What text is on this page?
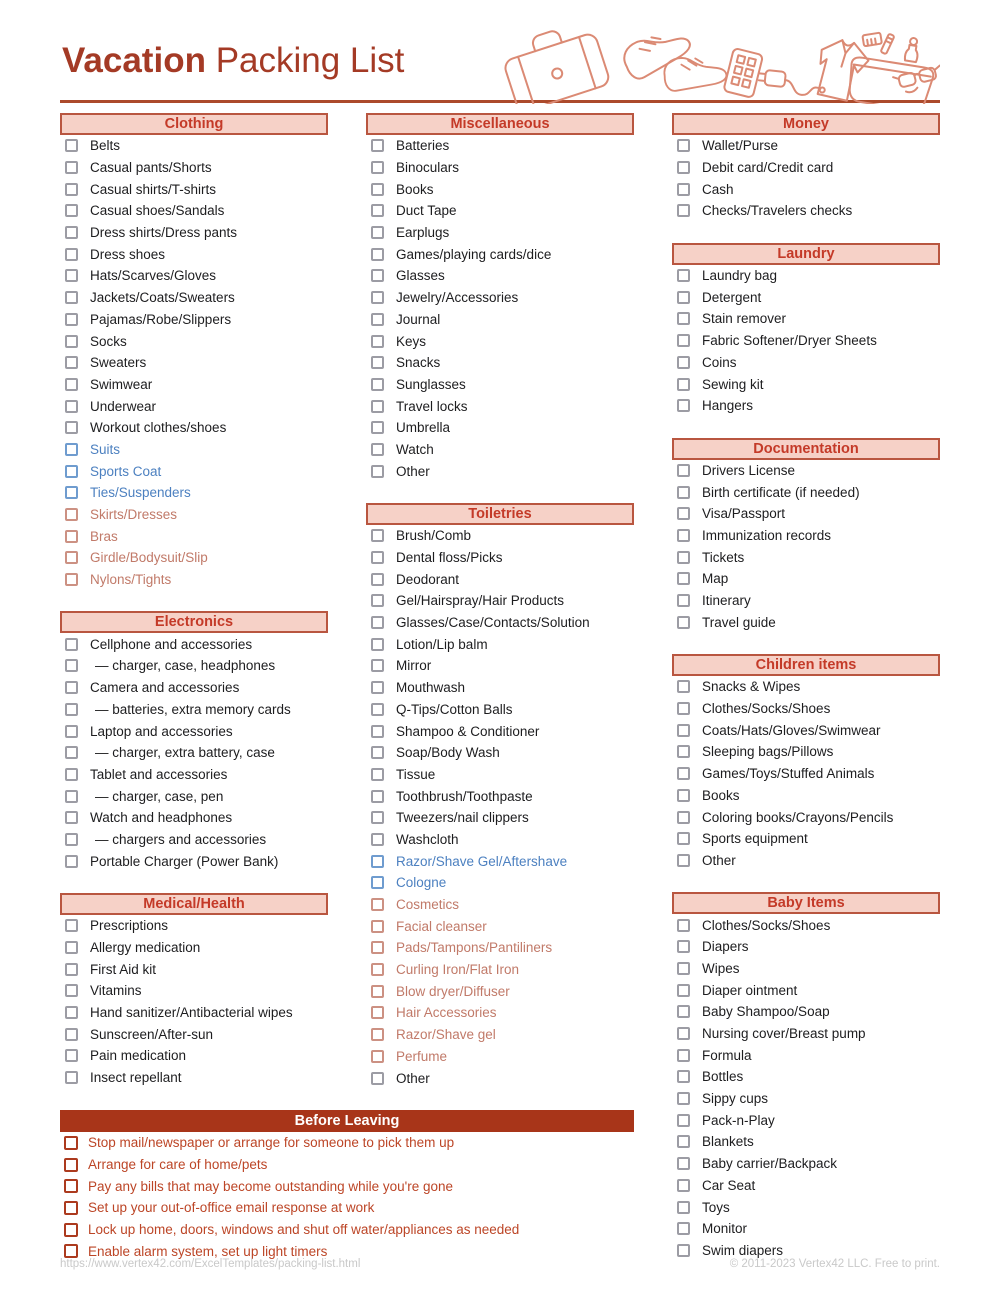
Vacation Packing List
Clothing
Belts
Casual pants/Shorts
Casual shirts/T-shirts
Casual shoes/Sandals
Dress shirts/Dress pants
Dress shoes
Hats/Scarves/Gloves
Jackets/Coats/Sweaters
Pajamas/Robe/Slippers
Socks
Sweaters
Swimwear
Underwear
Workout clothes/shoes
Suits
Sports Coat
Ties/Suspenders
Skirts/Dresses
Bras
Girdle/Bodysuit/Slip
Nylons/Tights
Electronics
Cellphone and accessories
— charger, case, headphones
Camera and accessories
— batteries, extra memory cards
Laptop and accessories
— charger, extra battery, case
Tablet and accessories
— charger, case, pen
Watch and headphones
— chargers and accessories
Portable Charger (Power Bank)
Medical/Health
Prescriptions
Allergy medication
First Aid kit
Vitamins
Hand sanitizer/Antibacterial wipes
Sunscreen/After-sun
Pain medication
Insect repellant
Miscellaneous
Batteries
Binoculars
Books
Duct Tape
Earplugs
Games/playing cards/dice
Glasses
Jewelry/Accessories
Journal
Keys
Snacks
Sunglasses
Travel locks
Umbrella
Watch
Other
Toiletries
Brush/Comb
Dental floss/Picks
Deodorant
Gel/Hairspray/Hair Products
Glasses/Case/Contacts/Solution
Lotion/Lip balm
Mirror
Mouthwash
Q-Tips/Cotton Balls
Shampoo & Conditioner
Soap/Body Wash
Tissue
Toothbrush/Toothpaste
Tweezers/nail clippers
Washcloth
Razor/Shave Gel/Aftershave
Cologne
Cosmetics
Facial cleanser
Pads/Tampons/Pantiliners
Curling Iron/Flat Iron
Blow dryer/Diffuser
Hair Accessories
Razor/Shave gel
Perfume
Other
Money
Wallet/Purse
Debit card/Credit card
Cash
Checks/Travelers checks
Laundry
Laundry bag
Detergent
Stain remover
Fabric Softener/Dryer Sheets
Coins
Sewing kit
Hangers
Documentation
Drivers License
Birth certificate (if needed)
Visa/Passport
Immunization records
Tickets
Map
Itinerary
Travel guide
Children items
Snacks & Wipes
Clothes/Socks/Shoes
Coats/Hats/Gloves/Swimwear
Sleeping bags/Pillows
Games/Toys/Stuffed Animals
Books
Coloring books/Crayons/Pencils
Sports equipment
Other
Baby Items
Clothes/Socks/Shoes
Diapers
Wipes
Diaper ointment
Baby Shampoo/Soap
Nursing cover/Breast pump
Formula
Bottles
Sippy cups
Pack-n-Play
Blankets
Baby carrier/Backpack
Car Seat
Toys
Monitor
Swim diapers
Before Leaving
Stop mail/newspaper or arrange for someone to pick them up
Arrange for care of home/pets
Pay any bills that may become outstanding while you're gone
Set up your out-of-office email response at work
Lock up home, doors, windows and shut off water/appliances as needed
Enable alarm system, set up light timers
https://www.vertex42.com/ExcelTemplates/packing-list.html	© 2011-2023 Vertex42 LLC. Free to print.
